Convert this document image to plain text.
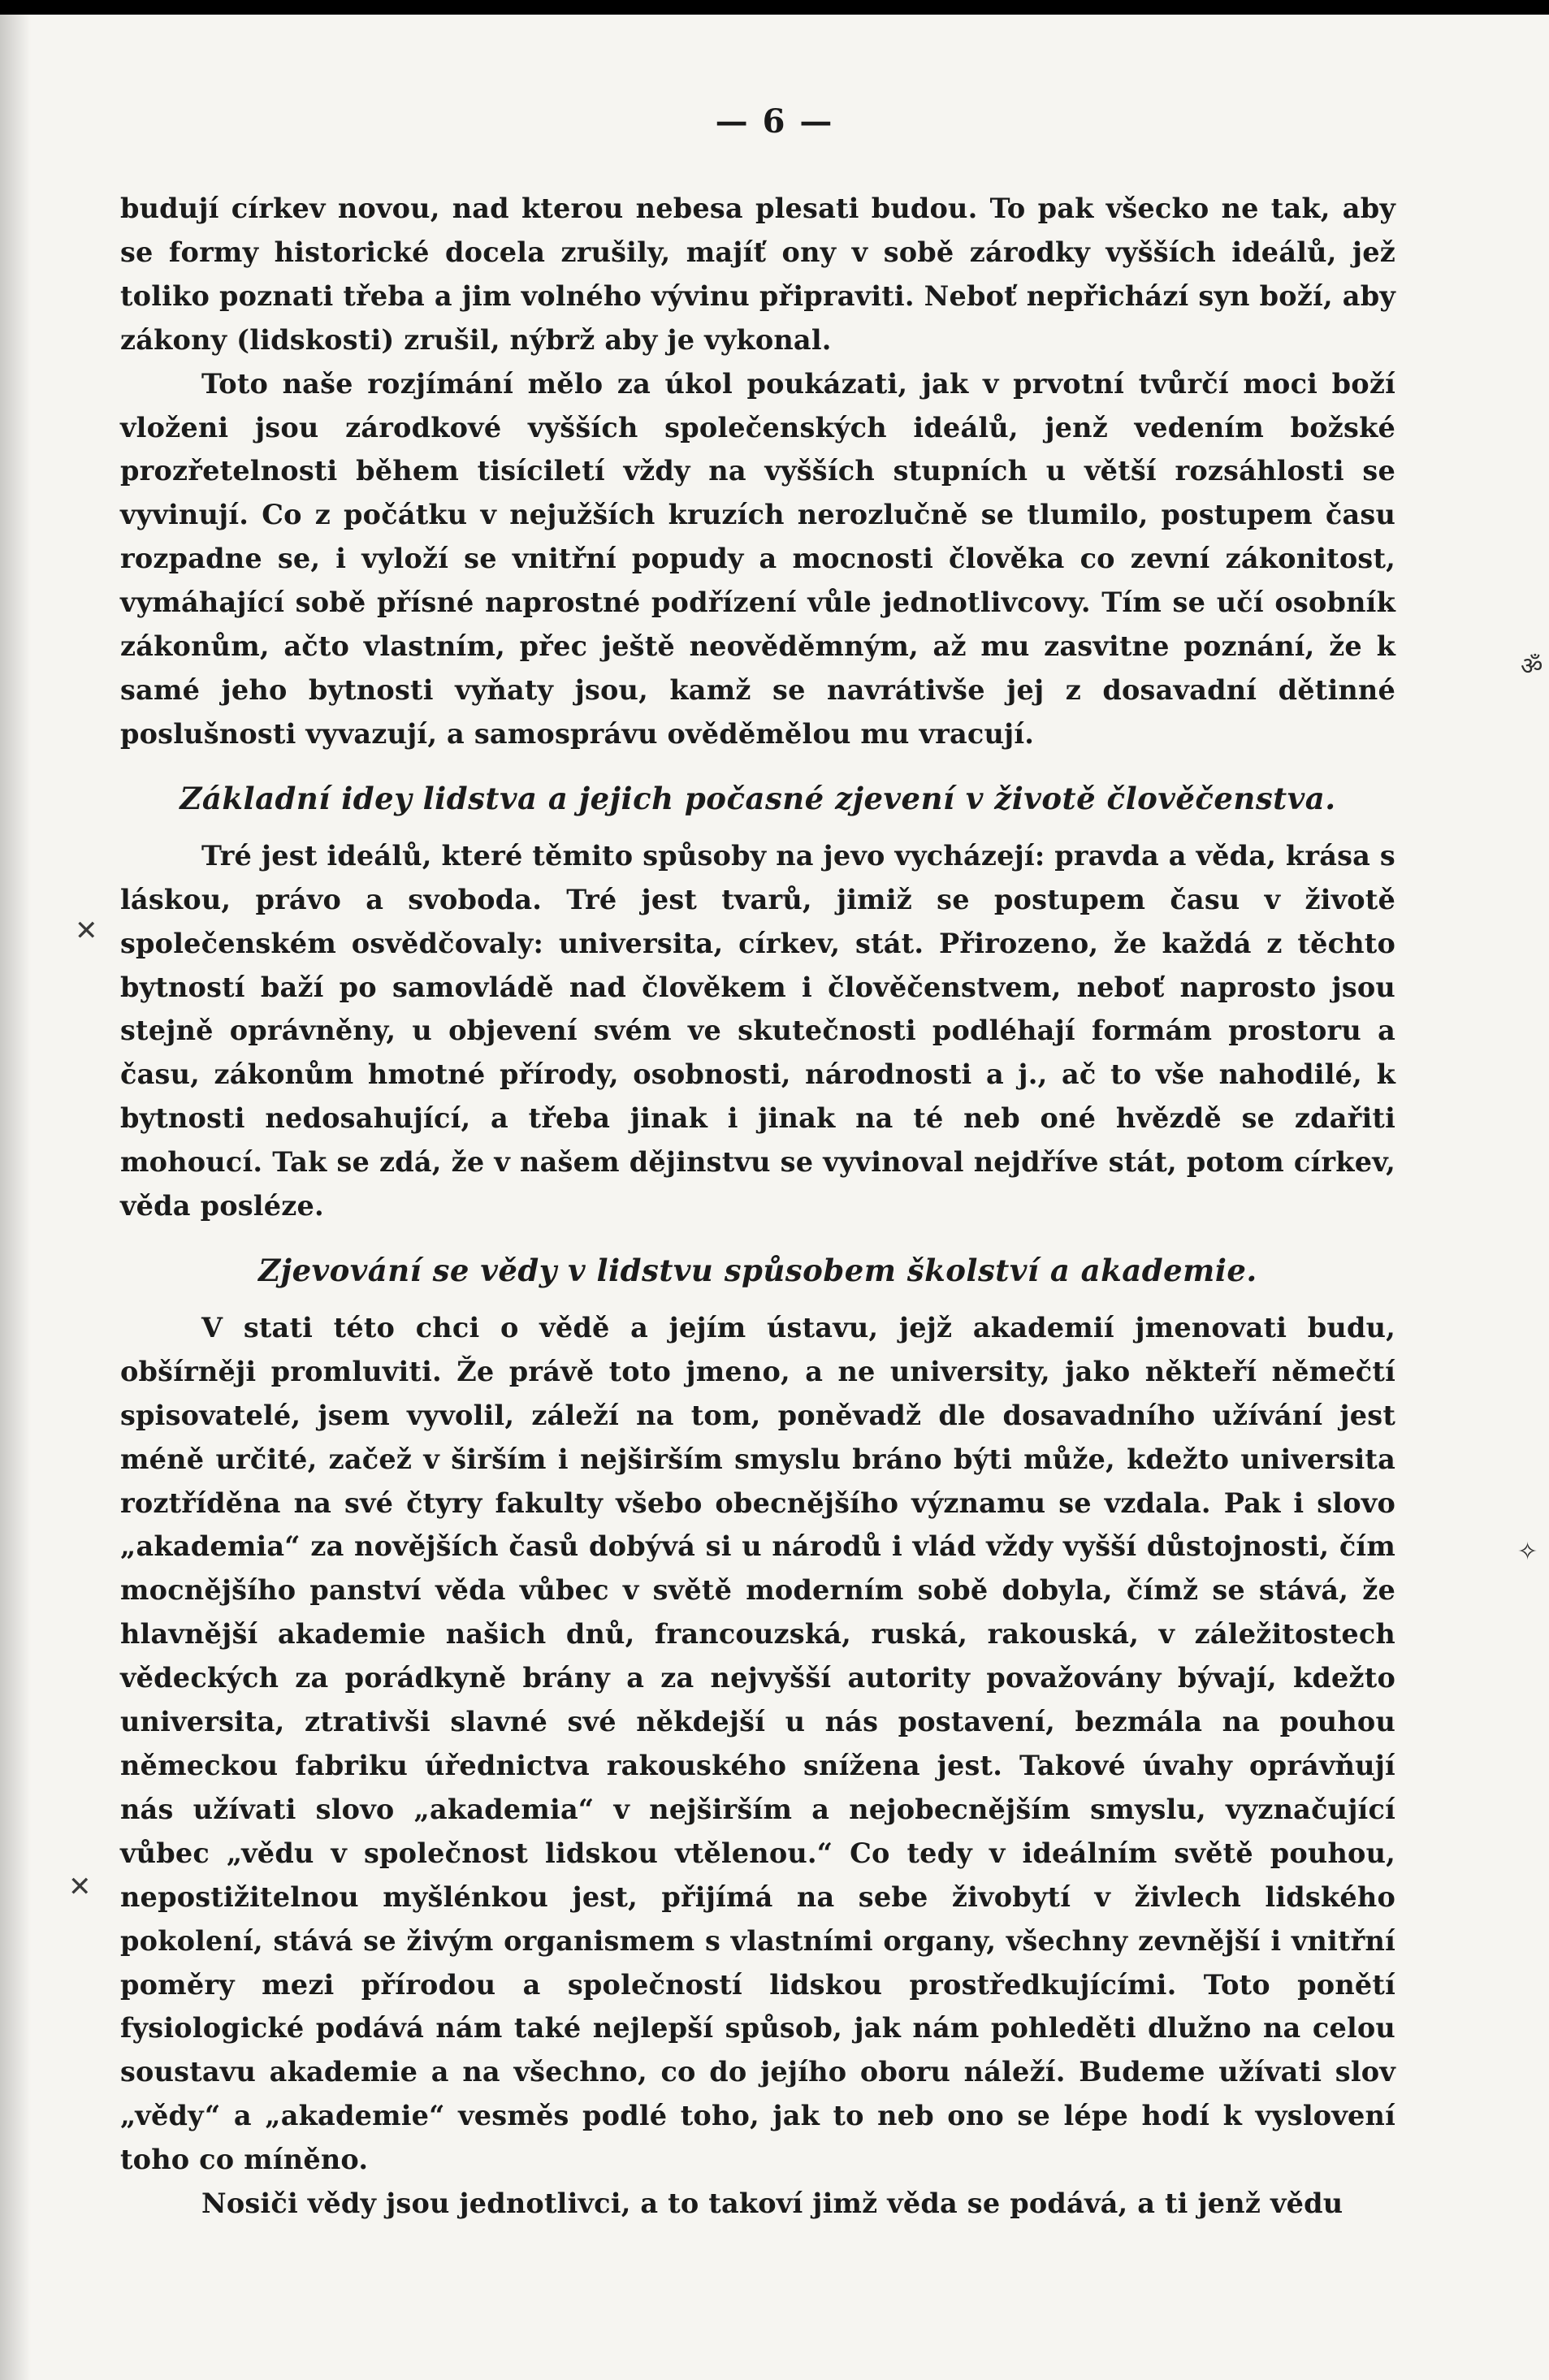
— 6 —

budují církev novou, nad kterou nebesa plesati budou. To pak všecko ne tak, aby se formy historické docela zrušily, majíť ony v sobě zárodky vyšších ideálů, jež toliko poznati třeba a jim volného vývinu připraviti. Neboť nepřichází syn boží, aby zákony (lidskosti) zrušil, nýbrž aby je vykonal.

Toto naše rozjímání mělo za úkol poukázati, jak v prvotní tvůrčí moci boží vloženi jsou zárodkové vyšších společenských ideálů, jenž vedením božské prozřetelnosti během tisíciletí vždy na vyšších stupních u větší rozsáhlosti se vyvinují. Co z počátku v nejužších kruzích nerozlučně se tlumilo, postupem času rozpadne se, i vyloží se vnitřní popudy a mocnosti člověka co zevní zákonitost, vymáhající sobě přísné naprostné podřízení vůle jednotlivcovy. Tím se učí osobník zákonům, ačto vlastním, přec ještě neověděmným, až mu zasvitne poznání, že k samé jeho bytnosti vyňaty jsou, kamž se navrátivše jej z dosavadní dětinné poslušnosti vyvazují, a samosprávu ověděmělou mu vracují.

Základní idey lidstva a jejich počasné zjevení v životě člověčenstva.

Tré jest ideálů, které těmito spůsoby na jevo vycházejí: pravda a věda, krása s láskou, právo a svoboda. Tré jest tvarů, jimiž se postupem času v životě společenském osvědčovaly: universita, církev, stát. Přirozeno, že každá z těchto bytností baží po samovládě nad člověkem i člověčenstvem, neboť naprosto jsou stejně oprávněny, u objevení svém ve skutečnosti podléhají formám prostoru a času, zákonům hmotné přírody, osobnosti, národnosti a j., ač to vše nahodilé, k bytnosti nedosahující, a třeba jinak i jinak na té neb oné hvězdě se zdařiti mohoucí. Tak se zdá, že v našem dějinstvu se vyvinoval nejdříve stát, potom církev, věda posléze.

Zjevování se vědy v lidstvu spůsobem školství a akademie.

V stati této chci o vědě a jejím ústavu, jejž akademií jmenovati budu, obšírněji promluviti. Že právě toto jmeno, a ne university, jako někteří němečtí spisovatelé, jsem vyvolil, záleží na tom, poněvadž dle dosavadního užívání jest méně určité, začež v širším i nejširším smyslu bráno býti může, kdežto universita roztříděna na své čtyry fakulty všebo obecnějšího významu se vzdala. Pak i slovo „akademia“ za novějších časů dobývá si u národů i vlád vždy vyšší důstojnosti, čím mocnějšího panství věda vůbec v světě moderním sobě dobyla, čímž se stává, že hlavnější akademie našich dnů, francouzská, ruská, rakouská, v záležitostech vědeckých za porádkyně brány a za nejvyšší autority považovány bývají, kdežto universita, ztrativši slavné své někdejší u nás postavení, bezmála na pouhou německou fabriku úřednictva rakouského snížena jest. Takové úvahy oprávňují nás užívati slovo „akademia“ v nejširším a nejobecnějším smyslu, vyznačující vůbec „vědu v společnost lidskou vtělenou.“ Co tedy v ideálním světě pouhou, nepostižitelnou myšlénkou jest, přijímá na sebe živobytí v živlech lidského pokolení, stává se živým organismem s vlastními organy, všechny zevnější i vnitřní poměry mezi přírodou a společností lidskou prostředkujícími. Toto ponětí fysiologické podává nám také nejlepší spůsob, jak nám pohleděti dlužno na celou soustavu akademie a na všechno, co do jejího oboru náleží. Budeme užívati slov „vědy“ a „akademie“ vesměs podlé toho, jak to neb ono se lépe hodí k vyslovení toho co míněno.

Nosiči vědy jsou jednotlivci, a to takoví jimž věda se podává, a ti jenž vědu

✕
✕
ॐ
✧
